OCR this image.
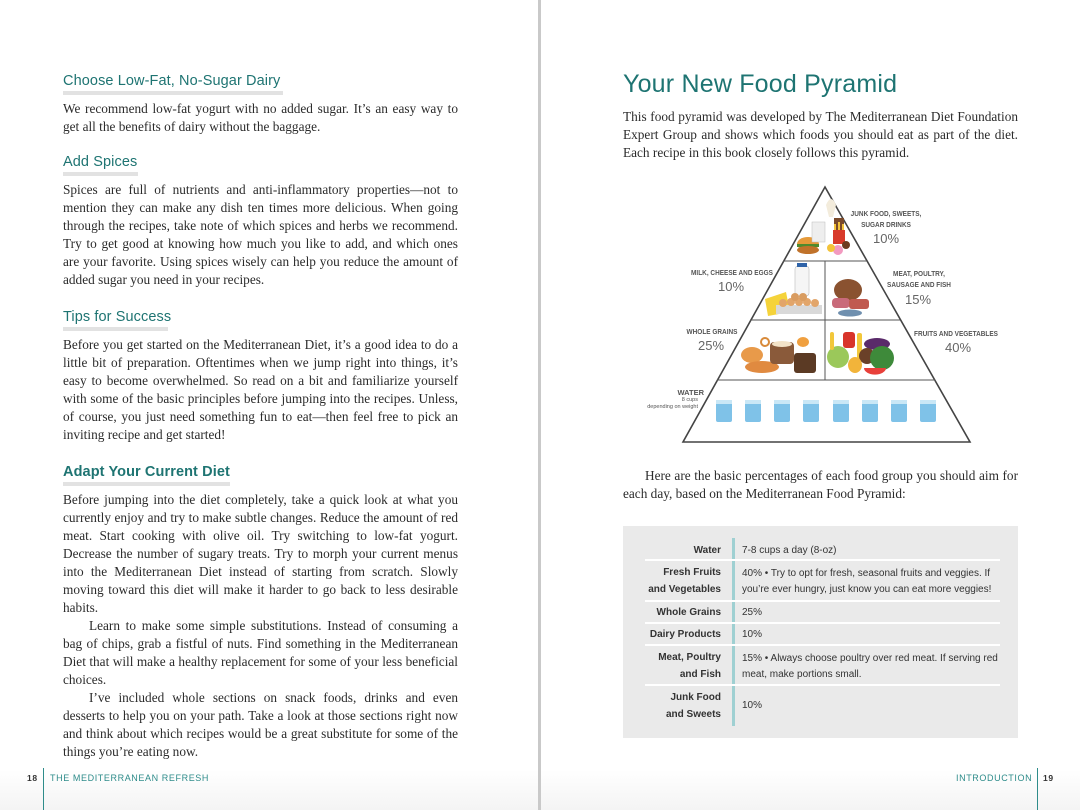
Choose Low-Fat, No-Sugar Dairy

We recommend low-fat yogurt with no added sugar. It’s an easy way to get all the benefits of dairy without the baggage.

Add Spices

Spices are full of nutrients and anti-inflammatory properties—not to mention they can make any dish ten times more delicious. When going through the recipes, take note of which spices and herbs we recommend. Try to get good at knowing how much you like to add, and which ones are your favorite. Using spices wisely can help you reduce the amount of added sugar you need in your recipes.

Tips for Success

Before you get started on the Mediterranean Diet, it’s a good idea to do a little bit of preparation. Oftentimes when we jump right into things, it’s easy to become overwhelmed. So read on a bit and familiarize yourself with some of the basic principles before jumping into the recipes. Unless, of course, you just need something fun to eat—then feel free to pick an inviting recipe and get started!

Adapt Your Current Diet

Before jumping into the diet completely, take a quick look at what you currently enjoy and try to make subtle changes. Reduce the amount of red meat. Start cooking with olive oil. Try switching to low-fat yogurt. Decrease the number of sugary treats. Try to morph your current menus into the Mediterranean Diet instead of starting from scratch. Slowly moving toward this diet will make it harder to go back to less desirable habits.

Learn to make some simple substitutions. Instead of consuming a bag of chips, grab a fistful of nuts. Find something in the Mediterranean Diet that will make a healthy replacement for some of your less beneficial choices.

I’ve included whole sections on snack foods, drinks and even desserts to help you on your path. Take a look at those sections right now and think about which recipes would be a great substitute for some of the things you’re eating now.

18 THE MEDITERRANEAN REFRESH
Your New Food Pyramid
This food pyramid was developed by The Mediterranean Diet Foundation Expert Group and shows which foods you should eat as part of the diet. Each recipe in this book closely follows this pyramid.
JUNK FOOD, SWEETS,
SUGAR DRINKS
10%
MILK, CHEESE AND EGGS
10%
MEAT, POULTRY,
SAUSAGE AND FISH
15%
WHOLE GRAINS
25%
FRUITS AND VEGETABLES
40%
WATER
8 cups
depending on weight
Here are the basic percentages of each food group you should aim for each day, based on the Mediterranean Food Pyramid:
Water 7-8 cups a day (8-oz)
Fresh Fruits
and Vegetables
40% • Try to opt for fresh, seasonal fruits and veggies. If you’re ever hungry, just know you can eat more veggies!
Whole Grains 25%
Dairy Products 10%
Meat, Poultry
and Fish
15% • Always choose poultry over red meat. If serving red meat, make portions small.
Junk Food
and Sweets
10%
INTRODUCTION 19
